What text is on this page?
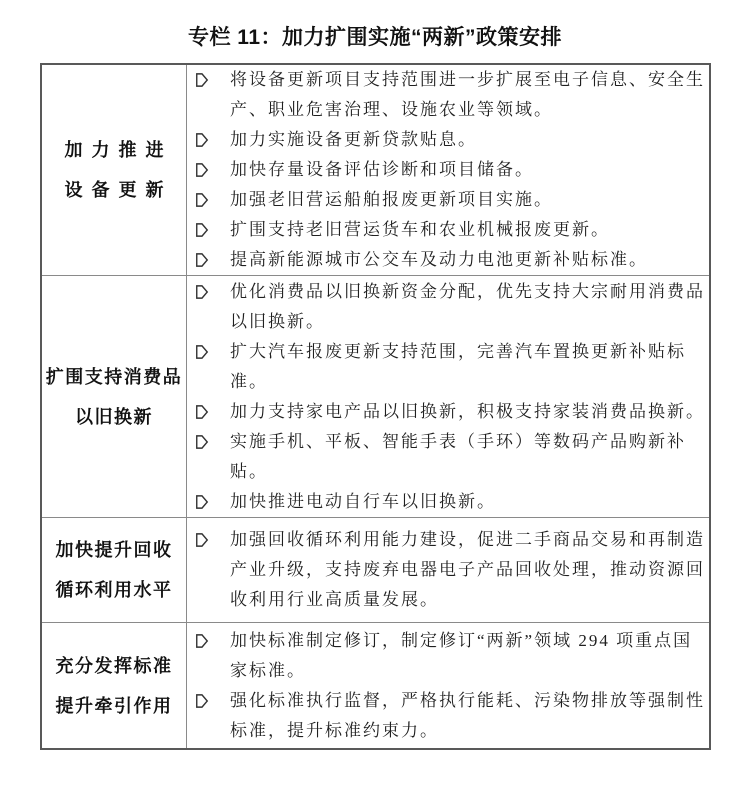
专栏 11：加力扩围实施“两新”政策安排
加力推进
设备更新
将设备更新项目支持范围进一步扩展至电子信息、安全生产、职业危害治理、设施农业等领域。
加力实施设备更新贷款贴息。
加快存量设备评估诊断和项目储备。
加强老旧营运船舶报废更新项目实施。
扩围支持老旧营运货车和农业机械报废更新。
提高新能源城市公交车及动力电池更新补贴标准。
扩围支持消费品
以旧换新
优化消费品以旧换新资金分配，优先支持大宗耐用消费品以旧换新。
扩大汽车报废更新支持范围，完善汽车置换更新补贴标准。
加力支持家电产品以旧换新，积极支持家装消费品换新。
实施手机、平板、智能手表（手环）等数码产品购新补贴。
加快推进电动自行车以旧换新。
加快提升回收
循环利用水平
加强回收循环利用能力建设，促进二手商品交易和再制造产业升级，支持废弃电器电子产品回收处理，推动资源回收利用行业高质量发展。
充分发挥标准
提升牵引作用
加快标准制定修订，制定修订“两新”领域 294 项重点国家标准。
强化标准执行监督，严格执行能耗、污染物排放等强制性标准，提升标准约束力。
